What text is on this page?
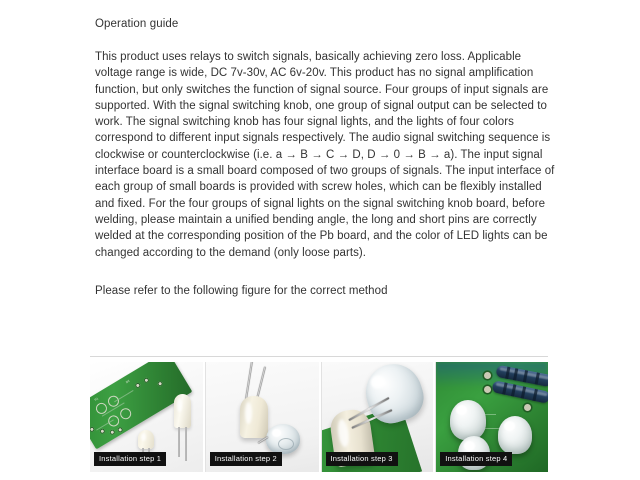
Operation guide

This product uses relays to switch signals, basically achieving zero loss. Applicable voltage range is wide, DC 7v-30v, AC 6v-20v. This product has no signal amplification function, but only switches the function of signal source. Four groups of input signals are supported. With the signal switching knob, one group of signal output can be selected to work. The signal switching knob has four signal lights, and the lights of four colors correspond to different input signals respectively. The audio signal switching sequence is clockwise or counterclockwise (i.e. a → B → C → D, D → 0 → B → a). The input signal interface board is a small board composed of two groups of signals. The input interface of each group of small boards is provided with screw holes, which can be flexibly installed and fixed. For the four groups of signal lights on the signal switching knob board, before welding, please maintain a unified bending angle, the long and short pins are correctly welded at the corresponding position of the Pb board, and the color of LED lights can be changed according to the demand (only loose parts).

Please refer to the following figure for the correct method

R1
D2
Installation step 1	Installation step 2	Installation step 3	Installation step 4
